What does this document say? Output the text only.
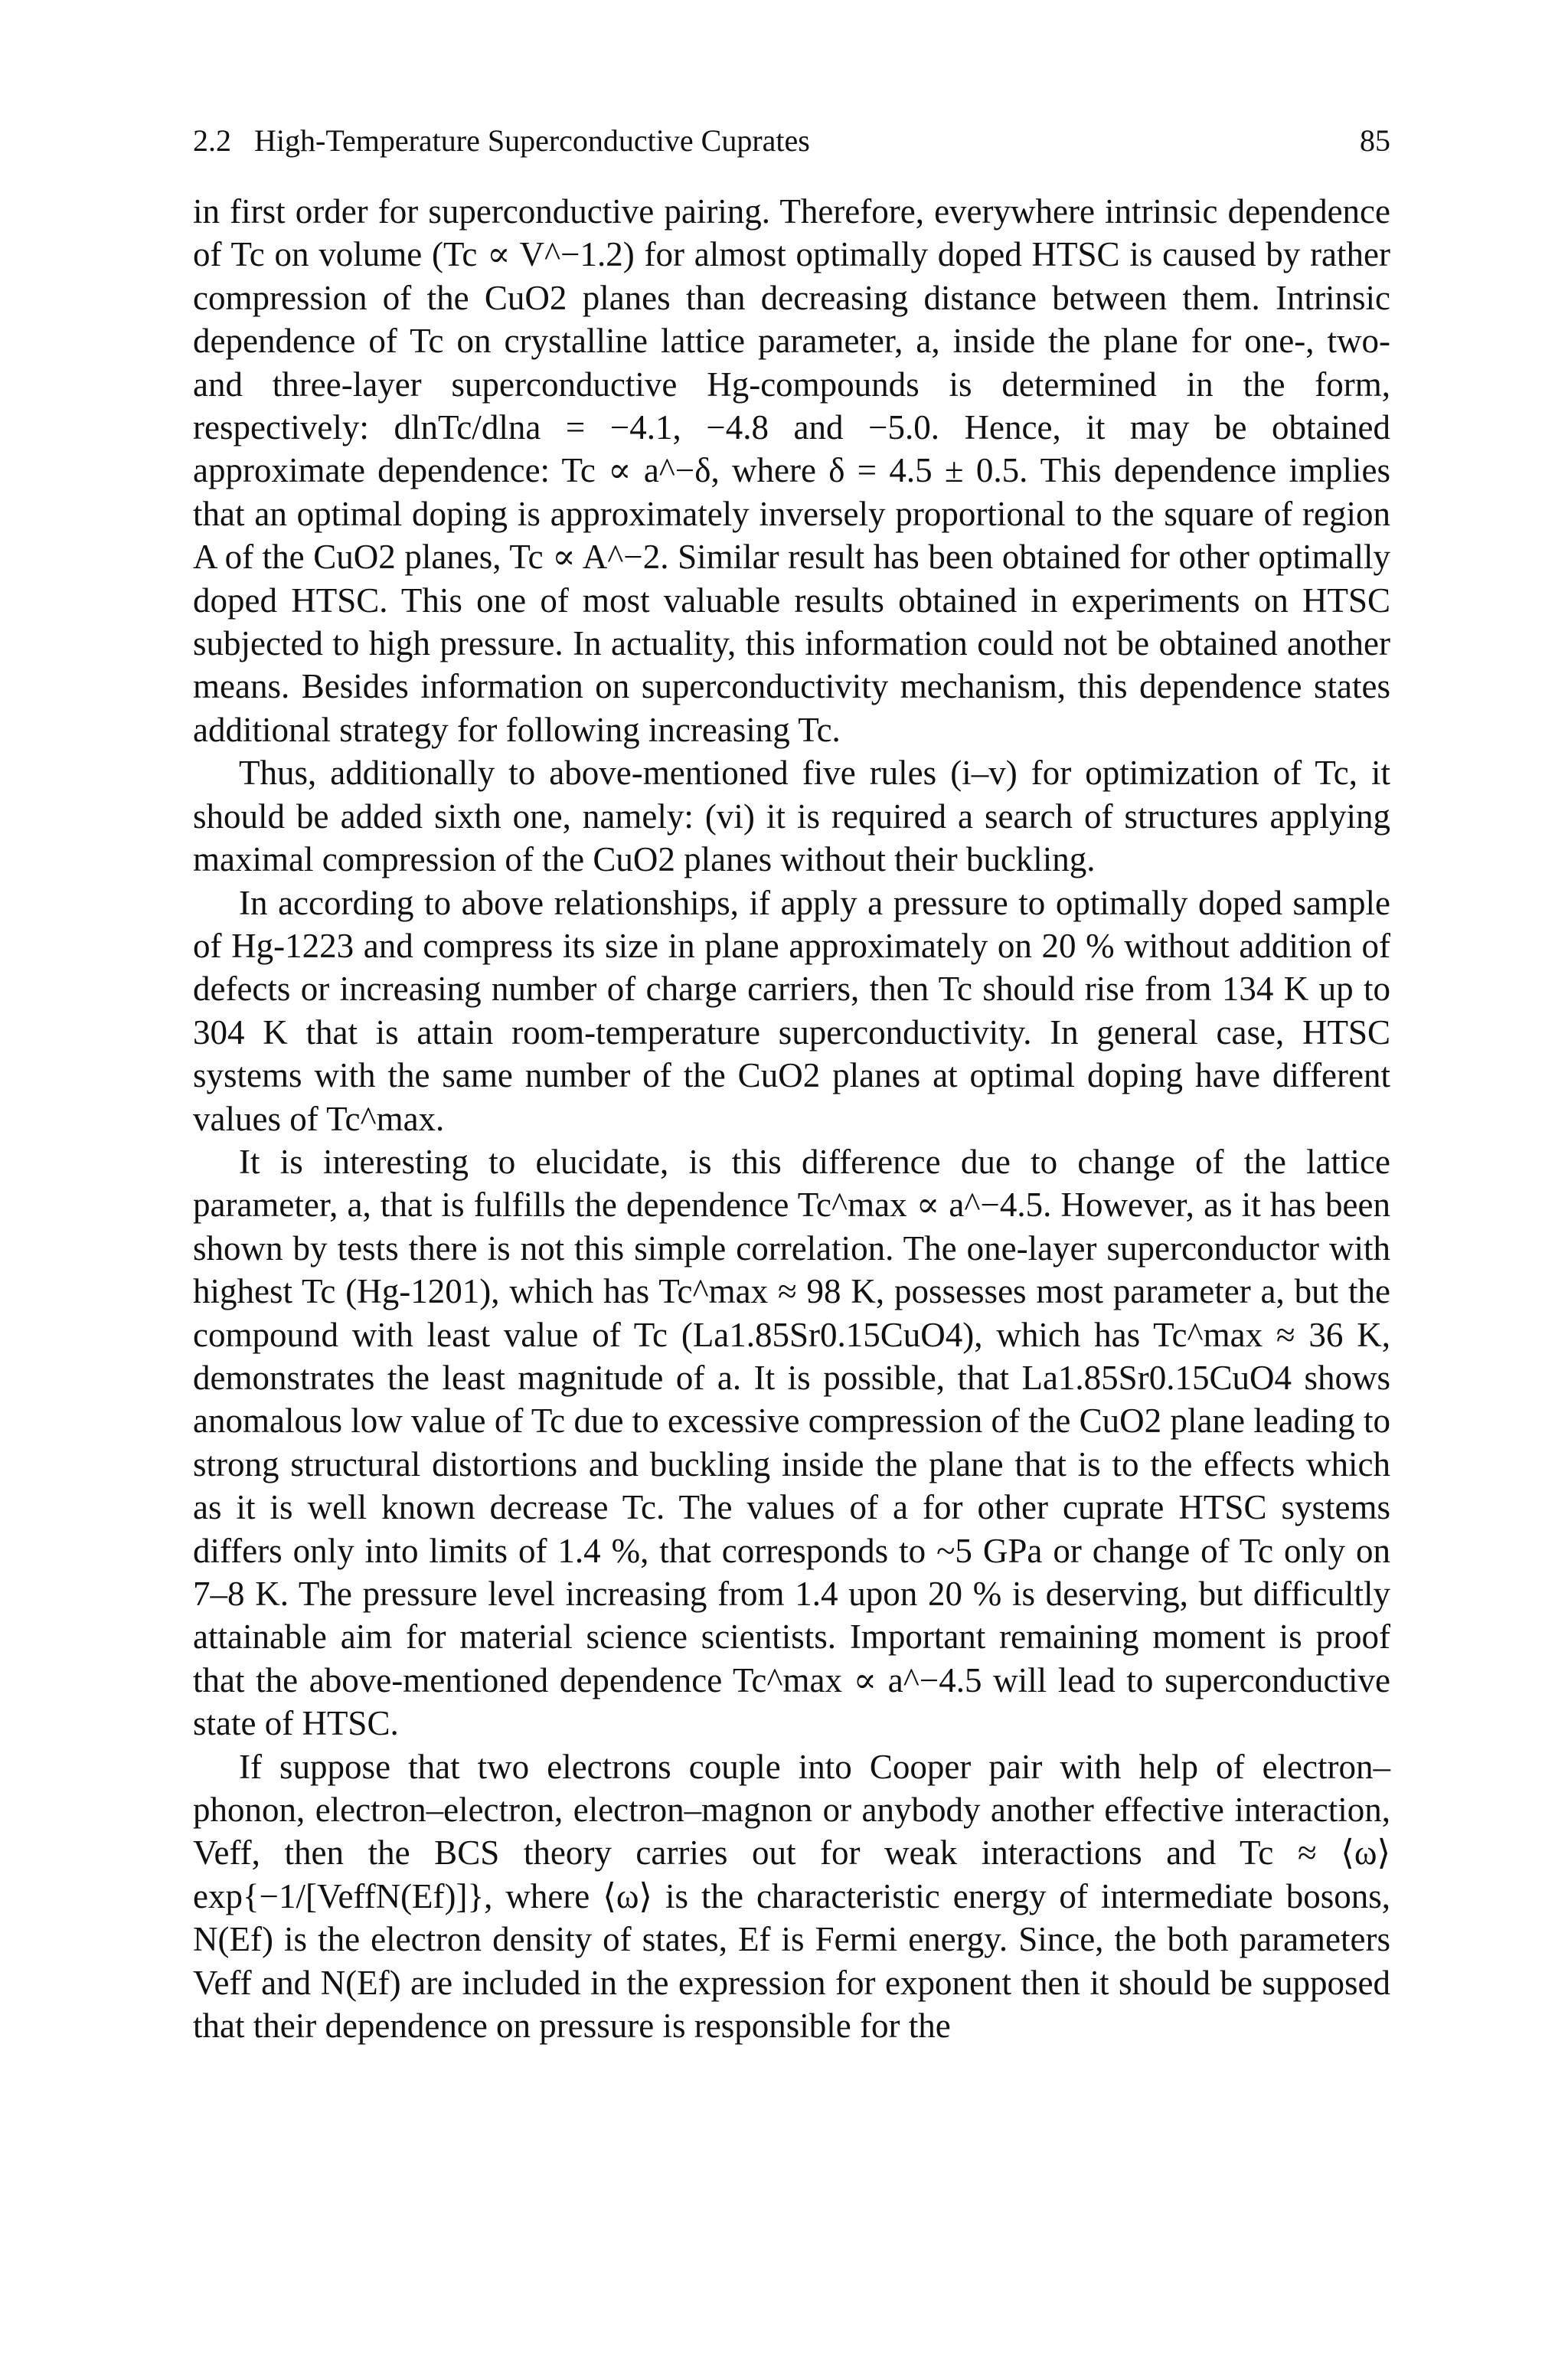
2.2 High-Temperature Superconductive Cuprates	85

in first order for superconductive pairing. Therefore, everywhere intrinsic dependence of Tc on volume (Tc ∝ V^−1.2) for almost optimally doped HTSC is caused by rather compression of the CuO2 planes than decreasing distance between them. Intrinsic dependence of Tc on crystalline lattice parameter, a, inside the plane for one-, two- and three-layer superconductive Hg-compounds is determined in the form, respectively: dlnTc/dlna = −4.1, −4.8 and −5.0. Hence, it may be obtained approximate dependence: Tc ∝ a^−δ, where δ = 4.5 ± 0.5. This dependence implies that an optimal doping is approximately inversely proportional to the square of region A of the CuO2 planes, Tc ∝ A^−2. Similar result has been obtained for other optimally doped HTSC. This one of most valuable results obtained in experiments on HTSC subjected to high pressure. In actuality, this information could not be obtained another means. Besides information on superconductivity mechanism, this dependence states additional strategy for following increasing Tc.

Thus, additionally to above-mentioned five rules (i–v) for optimization of Tc, it should be added sixth one, namely: (vi) it is required a search of structures applying maximal compression of the CuO2 planes without their buckling.

In according to above relationships, if apply a pressure to optimally doped sample of Hg-1223 and compress its size in plane approximately on 20 % without addition of defects or increasing number of charge carriers, then Tc should rise from 134 K up to 304 K that is attain room-temperature superconductivity. In general case, HTSC systems with the same number of the CuO2 planes at optimal doping have different values of Tc^max.

It is interesting to elucidate, is this difference due to change of the lattice parameter, a, that is fulfills the dependence Tc^max ∝ a^−4.5. However, as it has been shown by tests there is not this simple correlation. The one-layer superconductor with highest Tc (Hg-1201), which has Tc^max ≈ 98 K, possesses most parameter a, but the compound with least value of Tc (La1.85Sr0.15CuO4), which has Tc^max ≈ 36 K, demonstrates the least magnitude of a. It is possible, that La1.85Sr0.15CuO4 shows anomalous low value of Tc due to excessive compression of the CuO2 plane leading to strong structural distortions and buckling inside the plane that is to the effects which as it is well known decrease Tc. The values of a for other cuprate HTSC systems differs only into limits of 1.4 %, that corresponds to ~5 GPa or change of Tc only on 7–8 K. The pressure level increasing from 1.4 upon 20 % is deserving, but difficultly attainable aim for material science scientists. Important remaining moment is proof that the above-mentioned dependence Tc^max ∝ a^−4.5 will lead to superconductive state of HTSC.

If suppose that two electrons couple into Cooper pair with help of electron–phonon, electron–electron, electron–magnon or anybody another effective interaction, Veff, then the BCS theory carries out for weak interactions and Tc ≈ ⟨ω⟩exp{−1/[VeffN(Ef)]}, where ⟨ω⟩ is the characteristic energy of intermediate bosons, N(Ef) is the electron density of states, Ef is Fermi energy. Since, the both parameters Veff and N(Ef) are included in the expression for exponent then it should be supposed that their dependence on pressure is responsible for the
